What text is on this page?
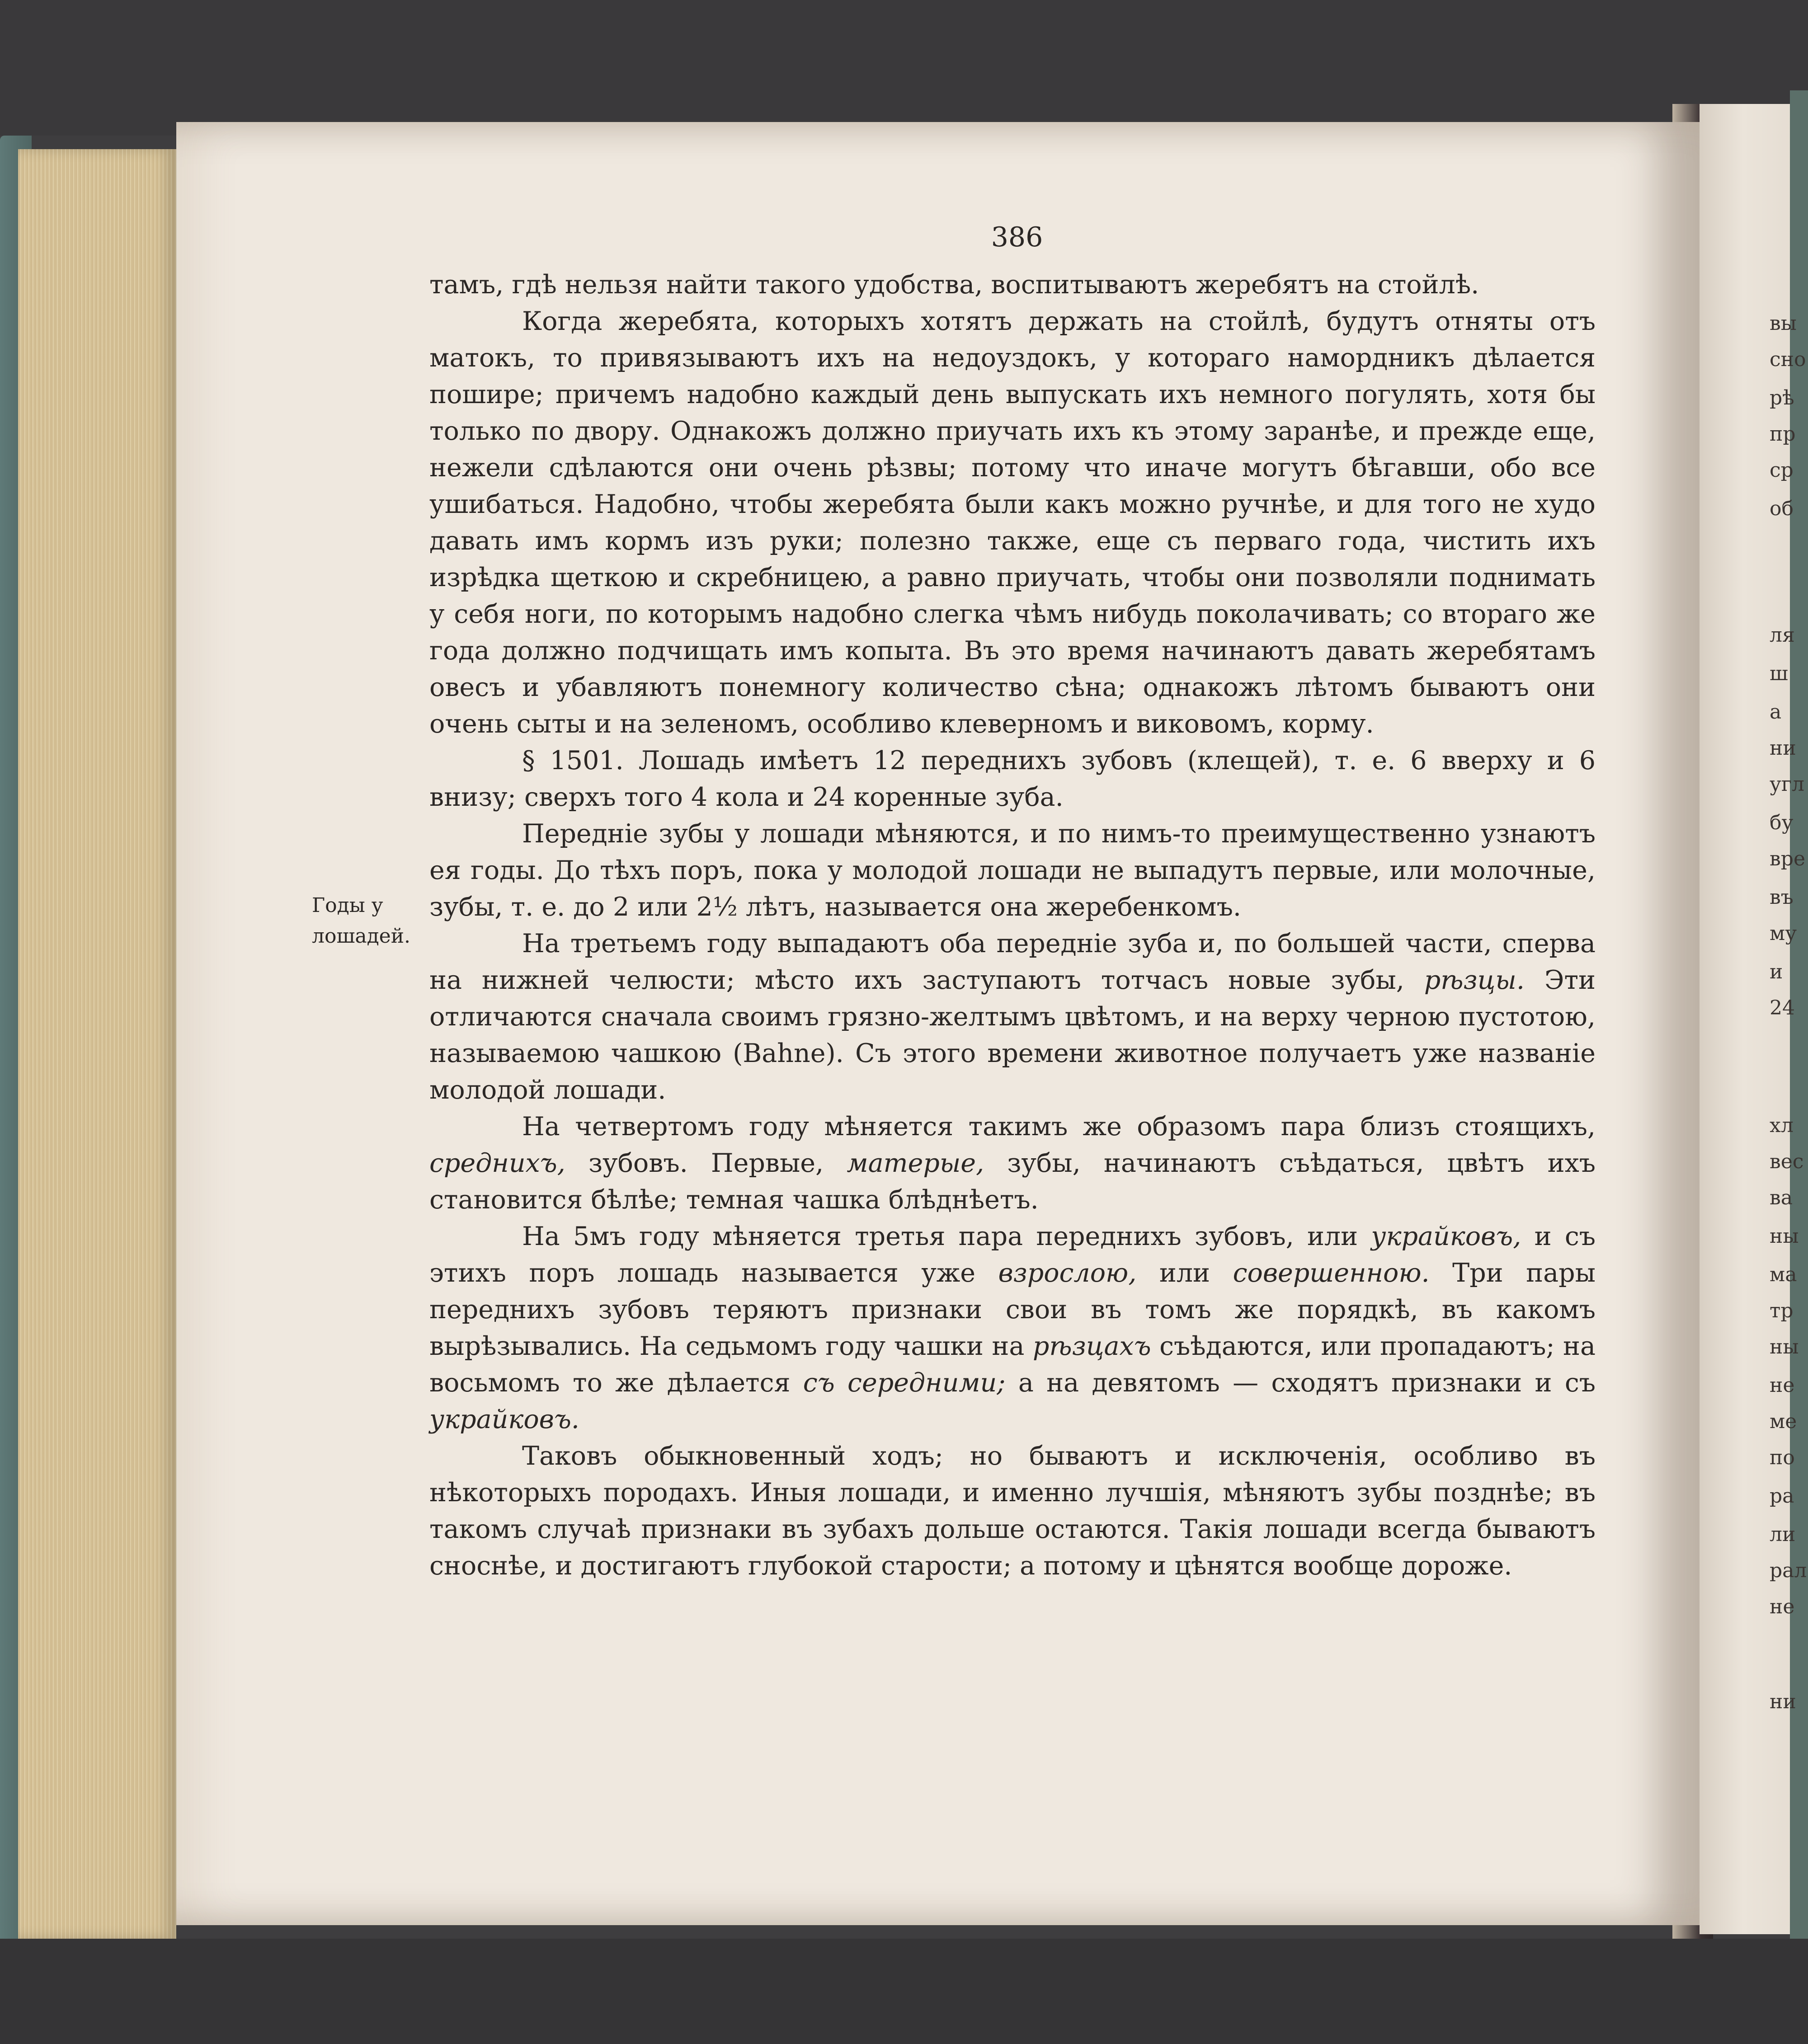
386
Годы у лошадей.

тамъ, гдѣ нельзя найти такого удобства, воспитываютъ жеребятъ на стойлѣ.

Когда жеребята, которыхъ хотятъ держать на стойлѣ, будутъ отняты отъ матокъ, то привязываютъ ихъ на недоуздокъ, у котораго намордникъ дѣлается пошире; причемъ надобно каждый день выпускать ихъ немного погулять, хотя бы только по двору. Однакожъ должно приучать ихъ къ этому заранѣе, и прежде еще, нежели сдѣлаются они очень рѣзвы; потому что иначе могутъ бѣгавши, обо все ушибаться. Надобно, чтобы жеребята были какъ можно ручнѣе, и для того не худо давать имъ кормъ изъ руки; полезно также, еще съ перваго года, чистить ихъ изрѣдка щеткою и скребницею, а равно приучать, чтобы они позволяли поднимать у себя ноги, по которымъ надобно слегка чѣмъ нибудь поколачивать; со втораго же года должно подчищать имъ копыта. Въ это время начинаютъ давать жеребятамъ овесъ и убавляютъ понемногу количество сѣна; однакожъ лѣтомъ бываютъ они очень сыты и на зеленомъ, особливо клеверномъ и виковомъ, корму.

§ 1501. Лошадь имѣетъ 12 переднихъ зубовъ (клещей), т. е. 6 вверху и 6 внизу; сверхъ того 4 кола и 24 коренные зуба.

Передніе зубы у лошади мѣняются, и по нимъ-то преимущественно узнаютъ ея годы. До тѣхъ поръ, пока у молодой лошади не выпадутъ первые, или молочные, зубы, т. е. до 2 или 2½ лѣтъ, называется она жеребенкомъ.

На третьемъ году выпадаютъ оба передніе зуба и, по большей части, сперва на нижней челюсти; мѣсто ихъ заступаютъ тотчасъ новые зубы, рѣзцы. Эти отличаются сначала своимъ грязно-желтымъ цвѣтомъ, и на верху черною пустотою, называемою чашкою (Bahne). Съ этого времени животное получаетъ уже названіе молодой лошади.

На четвертомъ году мѣняется такимъ же образомъ пара близъ стоящихъ, среднихъ, зубовъ. Первые, матерые, зубы, начинаютъ съѣдаться, цвѣтъ ихъ становится бѣлѣе; темная чашка блѣднѣетъ.

На 5мъ году мѣняется третья пара переднихъ зубовъ, или украйковъ, и съ этихъ поръ лошадь называется уже взрослою, или совершенною. Три пары переднихъ зубовъ теряютъ признаки свои въ томъ же порядкѣ, въ какомъ вырѣзывались. На седьмомъ году чашки на рѣзцахъ съѣдаются, или пропадаютъ; на восьмомъ то же дѣлается съ середними; а на девятомъ — сходятъ признаки и съ украйковъ.

Таковъ обыкновенный ходъ; но бываютъ и исключенія, особливо въ нѣкоторыхъ породахъ. Иныя лошади, и именно лучшія, мѣняютъ зубы позднѣе; въ такомъ случаѣ признаки въ зубахъ дольше остаются. Такія лошади всегда бываютъ сноснѣе, и достигаютъ глубокой старости; а потому и цѣнятся вообще дороже.

вы
сно
рѣ
пр
ср
об
ля
ш
а
ни
угл
бу
вре
въ
му
и
24
хл
вес
ва
ны
ма
тр
ны
не
ме
по
ра
ли
рал
не
ни
